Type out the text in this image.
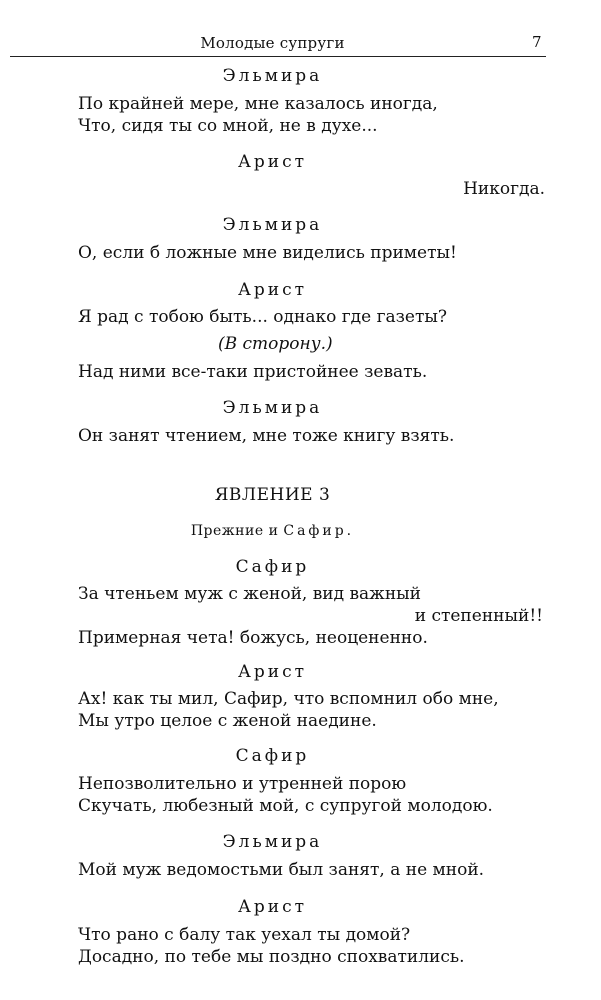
Молодые супруги	7
Эльмира
По крайней мере, мне казалось иногда,
Что, сидя ты со мной, не в духе...
Арист
Никогда.
Эльмира
О, если б ложные мне виделись приметы!
Арист
Я рад с тобою быть... однако где газеты?
(В сторону.)
Над ними все-таки пристойнее зевать.
Эльмира
Он занят чтением, мне тоже книгу взять.
ЯВЛЕНИЕ 3
Прежние и Сафир.
Сафир
За чтеньем муж с женой, вид важный
и степенный!!
Примерная чета! божусь, неоцененно.
Арист
Ах! как ты мил, Сафир, что вспомнил обо мне,
Мы утро целое с женой наедине.
Сафир
Непозволительно и утренней порою
Скучать, любезный мой, с супругой молодою.
Эльмира
Мой муж ведомостьми был занят, а не мной.
Арист
Что рано с балу так уехал ты домой?
Досадно, по тебе мы поздно спохватились.
